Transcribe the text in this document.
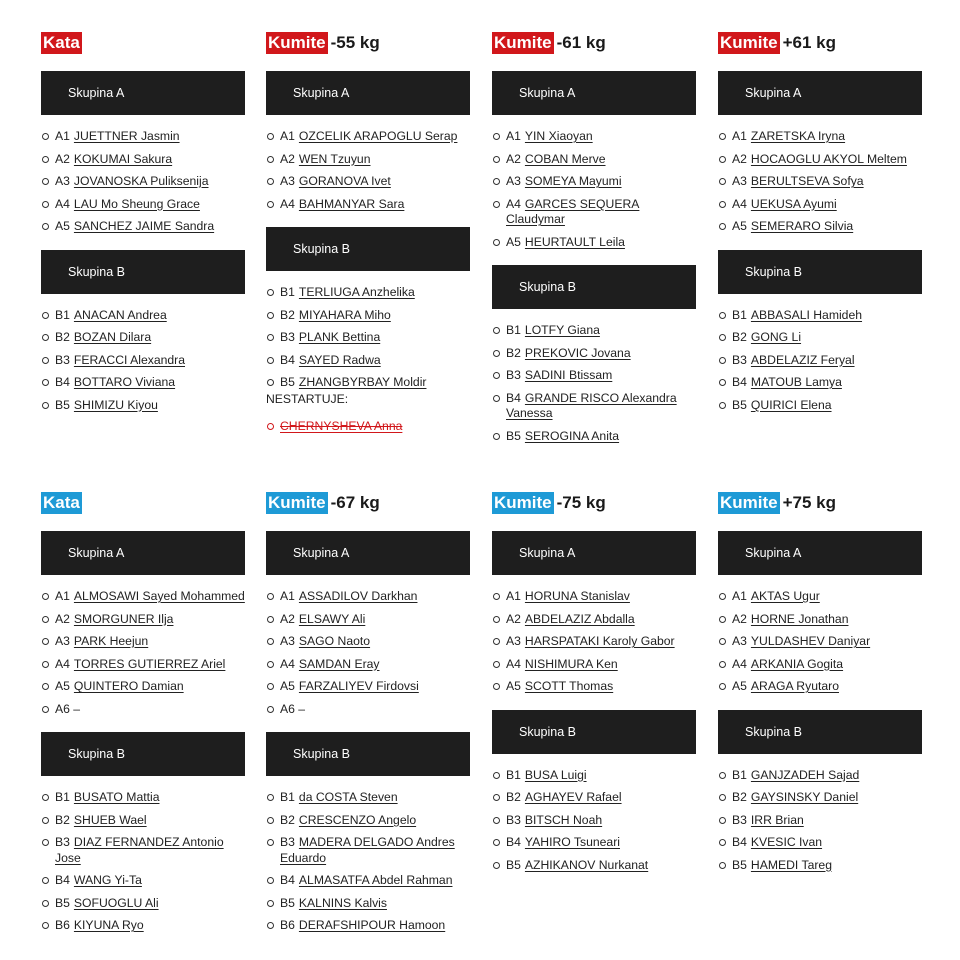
Kata
Skupina A
A1 JUETTNER Jasmin
A2 KOKUMAI Sakura
A3 JOVANOSKA Puliksenija
A4 LAU Mo Sheung Grace
A5 SANCHEZ JAIME Sandra
Skupina B
B1 ANACAN Andrea
B2 BOZAN Dilara
B3 FERACCI Alexandra
B4 BOTTARO Viviana
B5 SHIMIZU Kiyou
Kumite -55 kg
Skupina A
A1 OZCELIK ARAPOGLU Serap
A2 WEN Tzuyun
A3 GORANOVA Ivet
A4 BAHMANYAR Sara
Skupina B
B1 TERLIUGA Anzhelika
B2 MIYAHARA Miho
B3 PLANK Bettina
B4 SAYED Radwa
B5 ZHANGBYRBAY Moldir
NESTARTUJE:
CHERNYSHEVA Anna
Kumite -61 kg
Skupina A
A1 YIN Xiaoyan
A2 COBAN Merve
A3 SOMEYA Mayumi
A4 GARCES SEQUERA Claudymar
A5 HEURTAULT Leila
Skupina B
B1 LOTFY Giana
B2 PREKOVIC Jovana
B3 SADINI Btissam
B4 GRANDE RISCO Alexandra Vanessa
B5 SEROGINA Anita
Kumite +61 kg
Skupina A
A1 ZARETSKA Iryna
A2 HOCAOGLU AKYOL Meltem
A3 BERULTSEVA Sofya
A4 UEKUSA Ayumi
A5 SEMERARO Silvia
Skupina B
B1 ABBASALI Hamideh
B2 GONG Li
B3 ABDELAZIZ Feryal
B4 MATOUB Lamya
B5 QUIRICI Elena
Kata
Skupina A
A1 ALMOSAWI Sayed Mohammed
A2 SMORGUNER Ilja
A3 PARK Heejun
A4 TORRES GUTIERREZ Ariel
A5 QUINTERO Damian
A6 –
Skupina B
B1 BUSATO Mattia
B2 SHUEB Wael
B3 DIAZ FERNANDEZ Antonio Jose
B4 WANG Yi-Ta
B5 SOFUOGLU Ali
B6 KIYUNA Ryo
Kumite -67 kg
Skupina A
A1 ASSADILOV Darkhan
A2 ELSAWY Ali
A3 SAGO Naoto
A4 SAMDAN Eray
A5 FARZALIYEV Firdovsi
A6 –
Skupina B
B1 da COSTA Steven
B2 CRESCENZO Angelo
B3 MADERA DELGADO Andres Eduardo
B4 ALMASATFA Abdel Rahman
B5 KALNINS Kalvis
B6 DERAFSHIPOUR Hamoon
Kumite -75 kg
Skupina A
A1 HORUNA Stanislav
A2 ABDELAZIZ Abdalla
A3 HARSPATAKI Karoly Gabor
A4 NISHIMURA Ken
A5 SCOTT Thomas
Skupina B
B1 BUSA Luigi
B2 AGHAYEV Rafael
B3 BITSCH Noah
B4 YAHIRO Tsuneari
B5 AZHIKANOV Nurkanat
Kumite +75 kg
Skupina A
A1 AKTAS Ugur
A2 HORNE Jonathan
A3 YULDASHEV Daniyar
A4 ARKANIA Gogita
A5 ARAGA Ryutaro
Skupina B
B1 GANJZADEH Sajad
B2 GAYSINSKY Daniel
B3 IRR Brian
B4 KVESIC Ivan
B5 HAMEDI Tareg
